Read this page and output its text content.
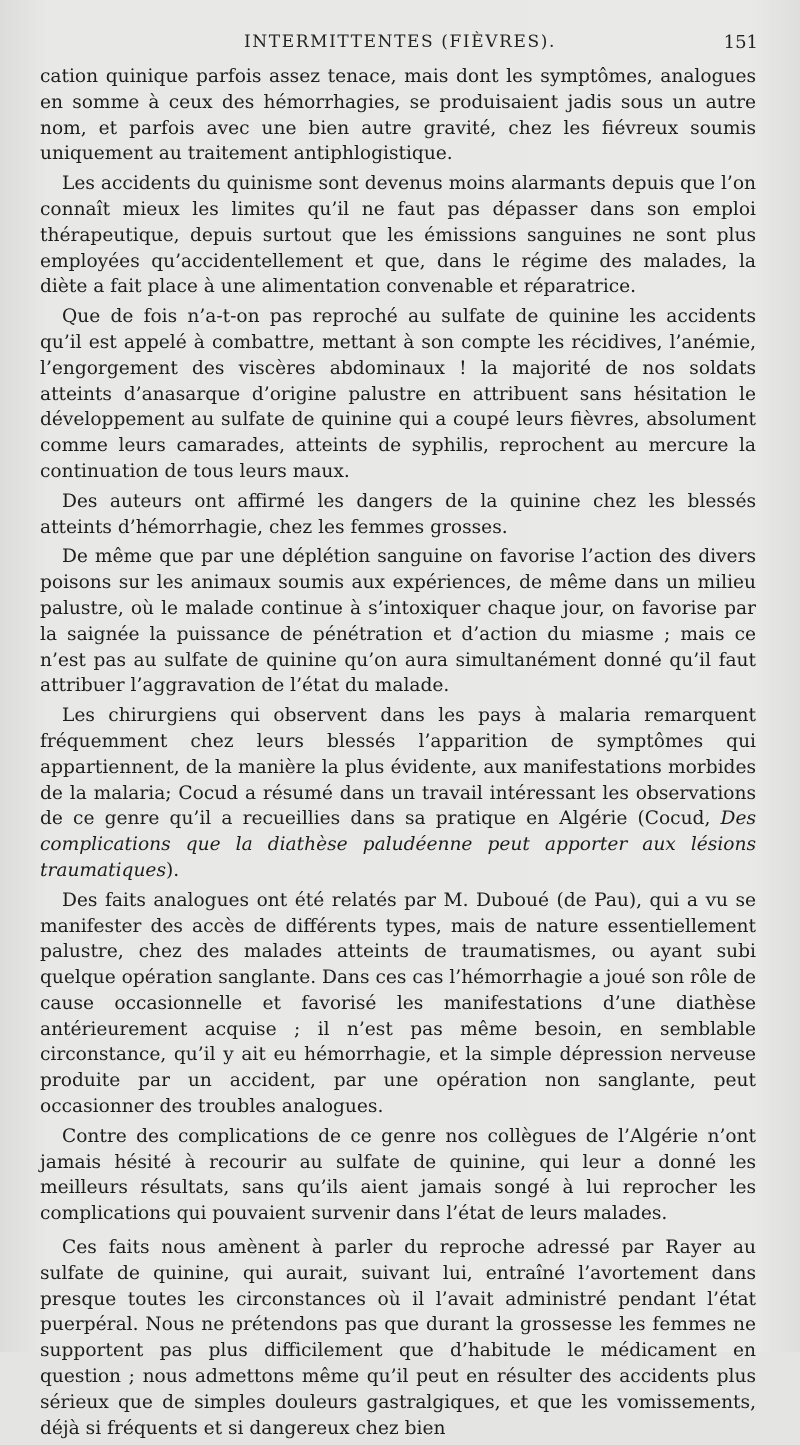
INTERMITTENTES (FIÈVRES).	151

cation quinique parfois assez tenace, mais dont les symptômes, analogues en somme à ceux des hémorrhagies, se produisaient jadis sous un autre nom, et parfois avec une bien autre gravité, chez les fiévreux soumis uniquement au traitement antiphlogistique.

Les accidents du quinisme sont devenus moins alarmants depuis que l’on connaît mieux les limites qu’il ne faut pas dépasser dans son emploi thérapeutique, depuis surtout que les émissions sanguines ne sont plus employées qu’accidentellement et que, dans le régime des malades, la diète a fait place à une alimentation convenable et réparatrice.

Que de fois n’a-t-on pas reproché au sulfate de quinine les accidents qu’il est appelé à combattre, mettant à son compte les récidives, l’anémie, l’engorgement des viscères abdominaux ! la majorité de nos soldats atteints d’anasarque d’origine palustre en attribuent sans hésitation le développement au sulfate de quinine qui a coupé leurs fièvres, absolument comme leurs camarades, atteints de syphilis, reprochent au mercure la continuation de tous leurs maux.

Des auteurs ont affirmé les dangers de la quinine chez les blessés atteints d’hémorrhagie, chez les femmes grosses.

De même que par une déplétion sanguine on favorise l’action des divers poisons sur les animaux soumis aux expériences, de même dans un milieu palustre, où le malade continue à s’intoxiquer chaque jour, on favorise par la saignée la puissance de pénétration et d’action du miasme ; mais ce n’est pas au sulfate de quinine qu’on aura simultanément donné qu’il faut attribuer l’aggravation de l’état du malade.

Les chirurgiens qui observent dans les pays à malaria remarquent fréquemment chez leurs blessés l’apparition de symptômes qui appartiennent, de la manière la plus évidente, aux manifestations morbides de la malaria; Cocud a résumé dans un travail intéressant les observations de ce genre qu’il a recueillies dans sa pratique en Algérie (Cocud, Des complications que la diathèse paludéenne peut apporter aux lésions traumatiques).

Des faits analogues ont été relatés par M. Duboué (de Pau), qui a vu se manifester des accès de différents types, mais de nature essentiellement palustre, chez des malades atteints de traumatismes, ou ayant subi quelque opération sanglante. Dans ces cas l’hémorrhagie a joué son rôle de cause occasionnelle et favorisé les manifestations d’une diathèse antérieurement acquise ; il n’est pas même besoin, en semblable circonstance, qu’il y ait eu hémorrhagie, et la simple dépression nerveuse produite par un accident, par une opération non sanglante, peut occasionner des troubles analogues.

Contre des complications de ce genre nos collègues de l’Algérie n’ont jamais hésité à recourir au sulfate de quinine, qui leur a donné les meilleurs résultats, sans qu’ils aient jamais songé à lui reprocher les complications qui pouvaient survenir dans l’état de leurs malades.

Ces faits nous amènent à parler du reproche adressé par Rayer au sulfate de quinine, qui aurait, suivant lui, entraîné l’avortement dans presque toutes les circonstances où il l’avait administré pendant l’état puerpéral. Nous ne prétendons pas que durant la grossesse les femmes ne supportent pas plus difficilement que d’habitude le médicament en question ; nous admettons même qu’il peut en résulter des accidents plus sérieux que de simples douleurs gastralgiques, et que les vomissements, déjà si fréquents et si dangereux chez bien
